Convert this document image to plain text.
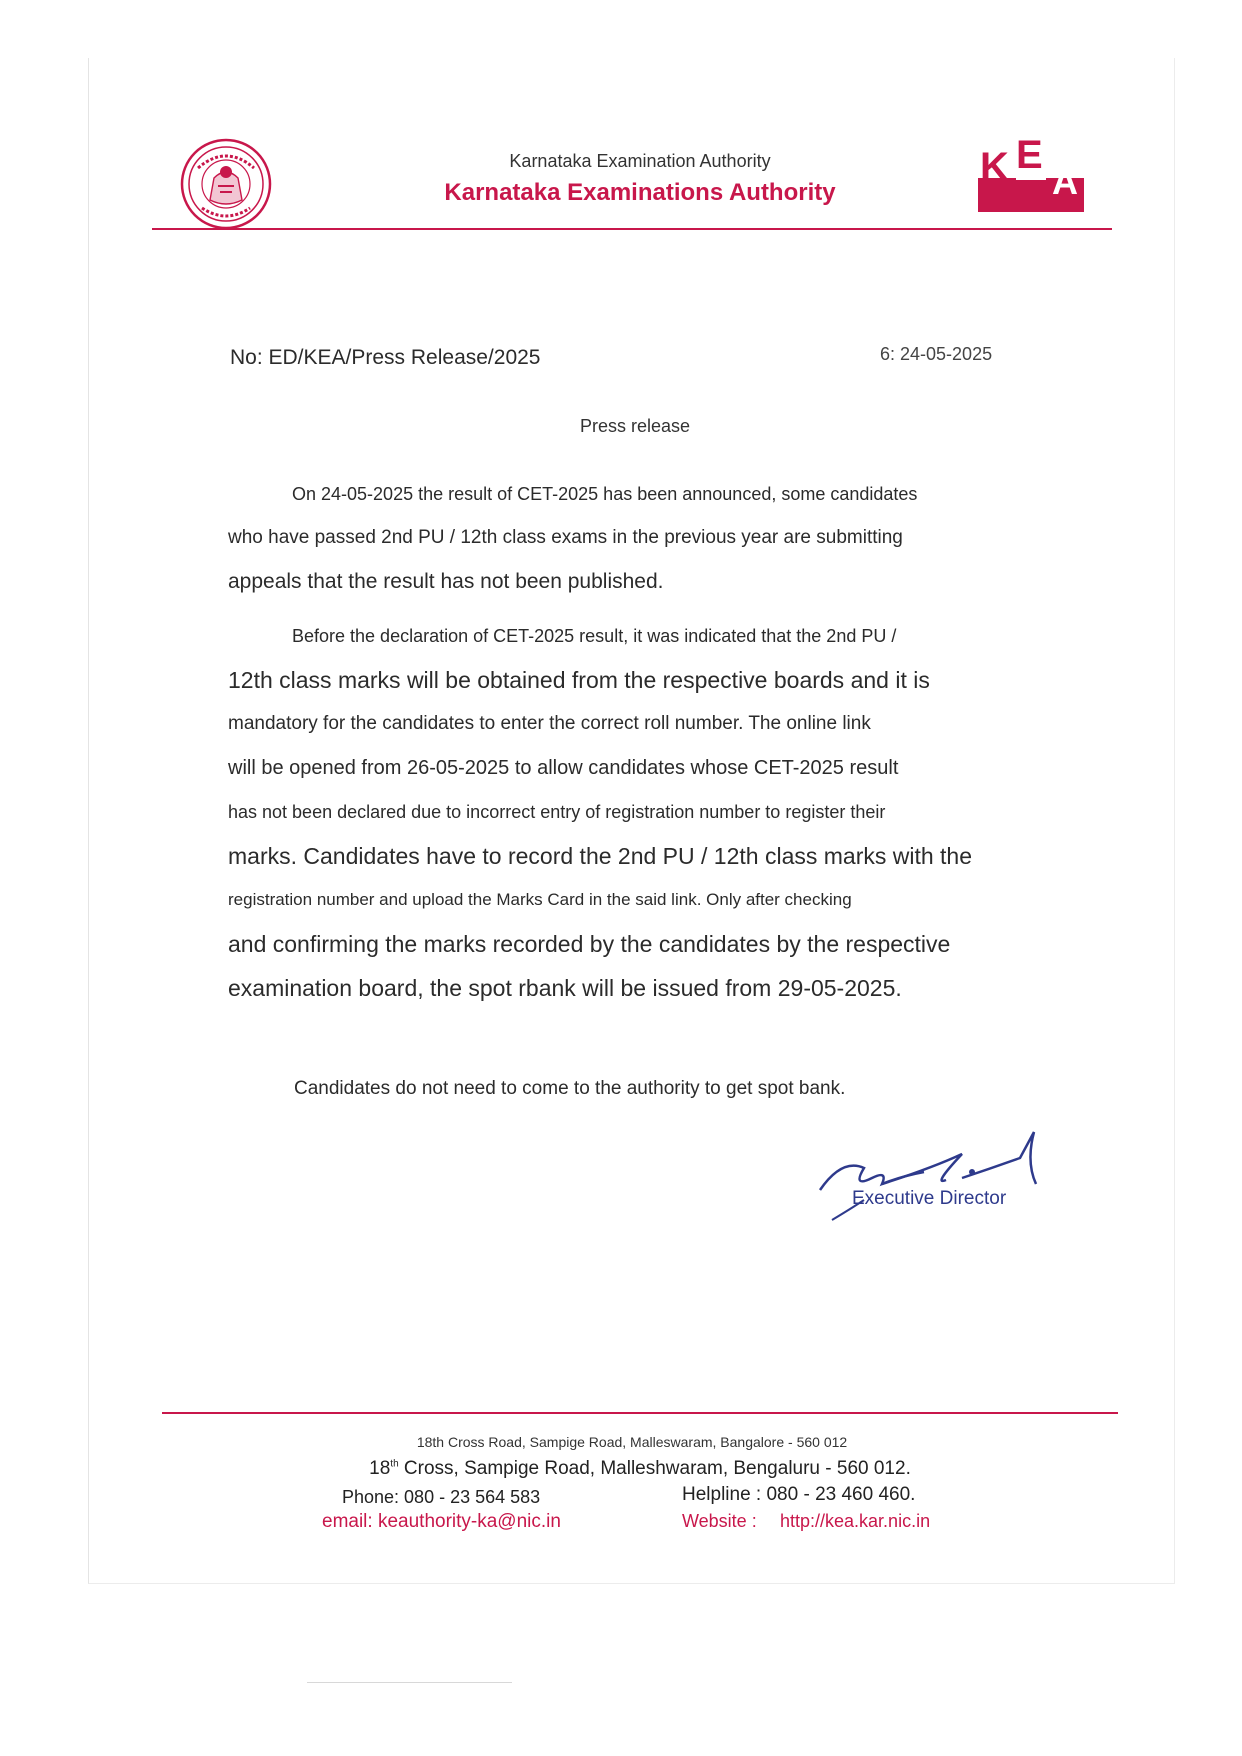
Karnataka Examination Authority
Karnataka Examinations Authority
K E
A
No: ED/KEA/Press Release/2025	6: 24-05-2025
Press release
On 24-05-2025 the result of CET-2025 has been announced, some candidates
who have passed 2nd PU / 12th class exams in the previous year are submitting
appeals that the result has not been published.
Before the declaration of CET-2025 result, it was indicated that the 2nd PU /
12th class marks will be obtained from the respective boards and it is
mandatory for the candidates to enter the correct roll number. The online link
will be opened from 26-05-2025 to allow candidates whose CET-2025 result
has not been declared due to incorrect entry of registration number to register their
marks. Candidates have to record the 2nd PU / 12th class marks with the
registration number and upload the Marks Card in the said link. Only after checking
and confirming the marks recorded by the candidates by the respective
examination board, the spot rbank will be issued from 29-05-2025.
Candidates do not need to come to the authority to get spot bank.
Executive Director
18th Cross Road, Sampige Road, Malleswaram, Bangalore - 560 012
18th Cross, Sampige Road, Malleshwaram, Bengaluru - 560 012.
Phone: 080 - 23 564 583	Helpline : 080 - 23 460 460.
email: keauthority-ka@nic.in	Website : http://kea.kar.nic.in
